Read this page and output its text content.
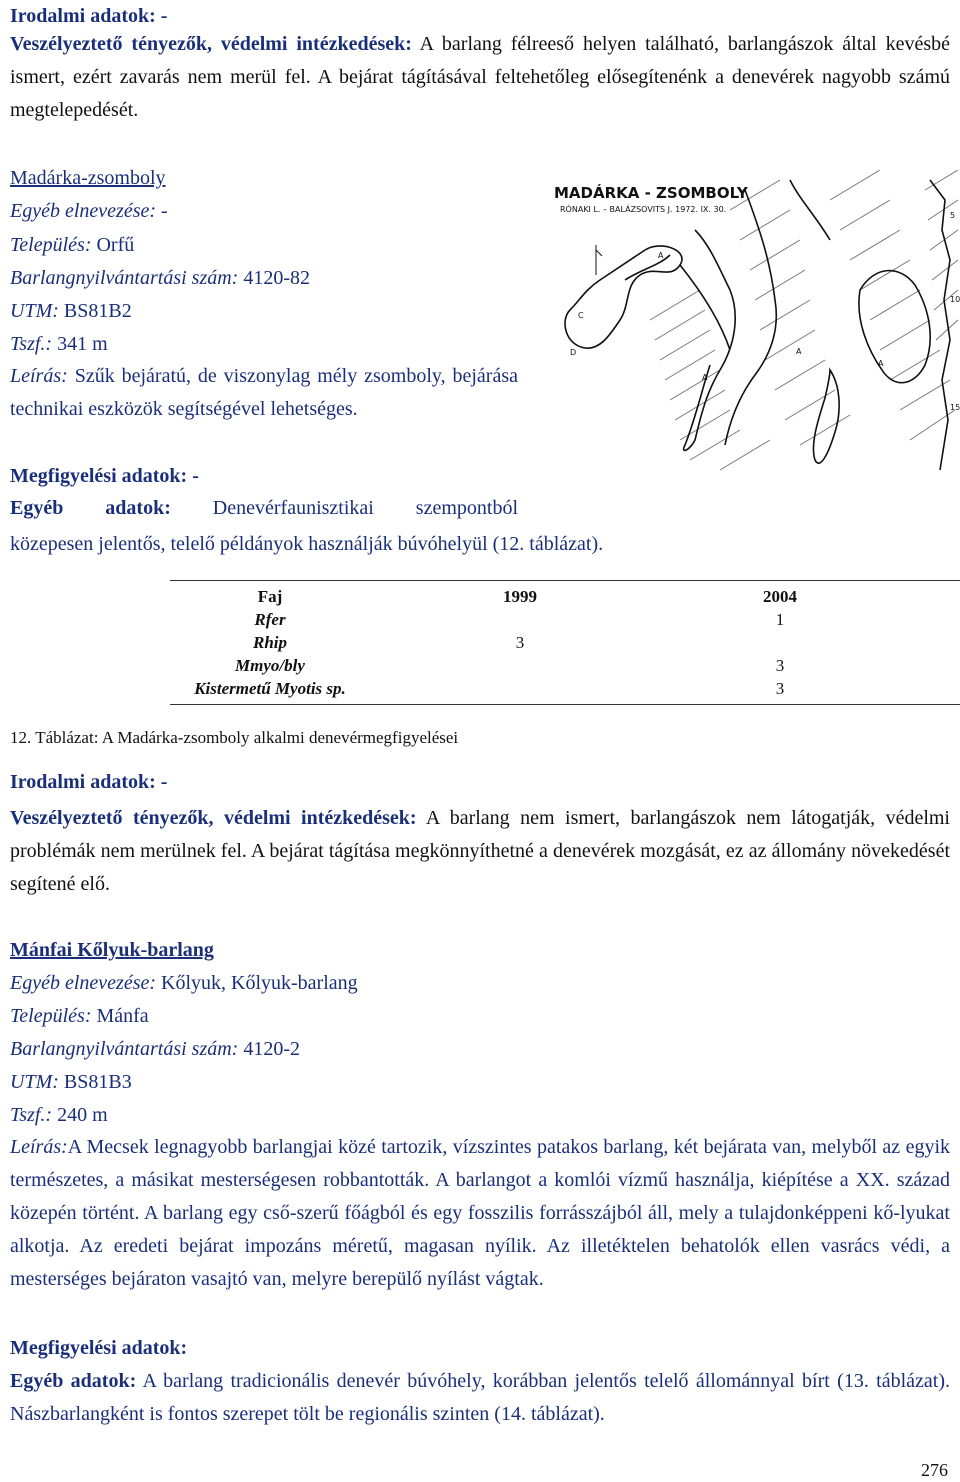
Irodalmi adatok: -
Veszélyeztető tényezők, védelmi intézkedések: A barlang félreeső helyen található, barlangászok által kevésbé ismert, ezért zavarás nem merül fel. A bejárat tágításával feltehetőleg elősegítenénk a denevérek nagyobb számú megtelepedését.
Madárka-zsomboly
Egyéb elnevezése: -
Település: Orfű
Barlangnyilvántartási szám: 4120-82
UTM: BS81B2
Tszf.: 341 m
Leírás: Szűk bejáratú, de viszonylag mély zsomboly, bejárása technikai eszközök segítségével lehetséges.
Megfigyelési adatok: -
Egyéb adatok: Denevérfaunisztikai szempontból
közepesen jelentős, telelő példányok használják búvóhelyül (12. táblázat).
MADÁRKA - ZSOMBOLY
RÓNAKI L. – BALÁZSOVITS J. 1972. IX. 30.
A
C
D	A
A
A
5
10
15
Faj	1999	2004
Rfer		1
Rhip	3	
Mmyo/bly		3
Kistermetű Myotis sp.		3
12. Táblázat: A Madárka-zsomboly alkalmi denevérmegfigyelései
Irodalmi adatok: -
Veszélyeztető tényezők, védelmi intézkedések: A barlang nem ismert, barlangászok nem látogatják, védelmi problémák nem merülnek fel. A bejárat tágítása megkönnyíthetné a denevérek mozgását, ez az állomány növekedését segítené elő.
Mánfai Kőlyuk-barlang
Egyéb elnevezése: Kőlyuk, Kőlyuk-barlang
Település: Mánfa
Barlangnyilvántartási szám: 4120-2
UTM: BS81B3
Tszf.: 240 m
Leírás:A Mecsek legnagyobb barlangjai közé tartozik, vízszintes patakos barlang, két bejárata van, melyből az egyik természetes, a másikat mesterségesen robbantották. A barlangot a komlói vízmű használja, kiépítése a XX. század közepén történt. A barlang egy cső-szerű főágból és egy fosszilis forrásszájból áll, mely a tulajdonképpeni kő-lyukat alkotja. Az eredeti bejárat impozáns méretű, magasan nyílik. Az illetéktelen behatolók ellen vasrács védi, a mesterséges bejáraton vasajtó van, melyre berepülő nyílást vágtak.
Megfigyelési adatok:
Egyéb adatok: A barlang tradicionális denevér búvóhely, korábban jelentős telelő állománnyal bírt (13. táblázat). Nászbarlangként is fontos szerepet tölt be regionális szinten (14. táblázat).
276
